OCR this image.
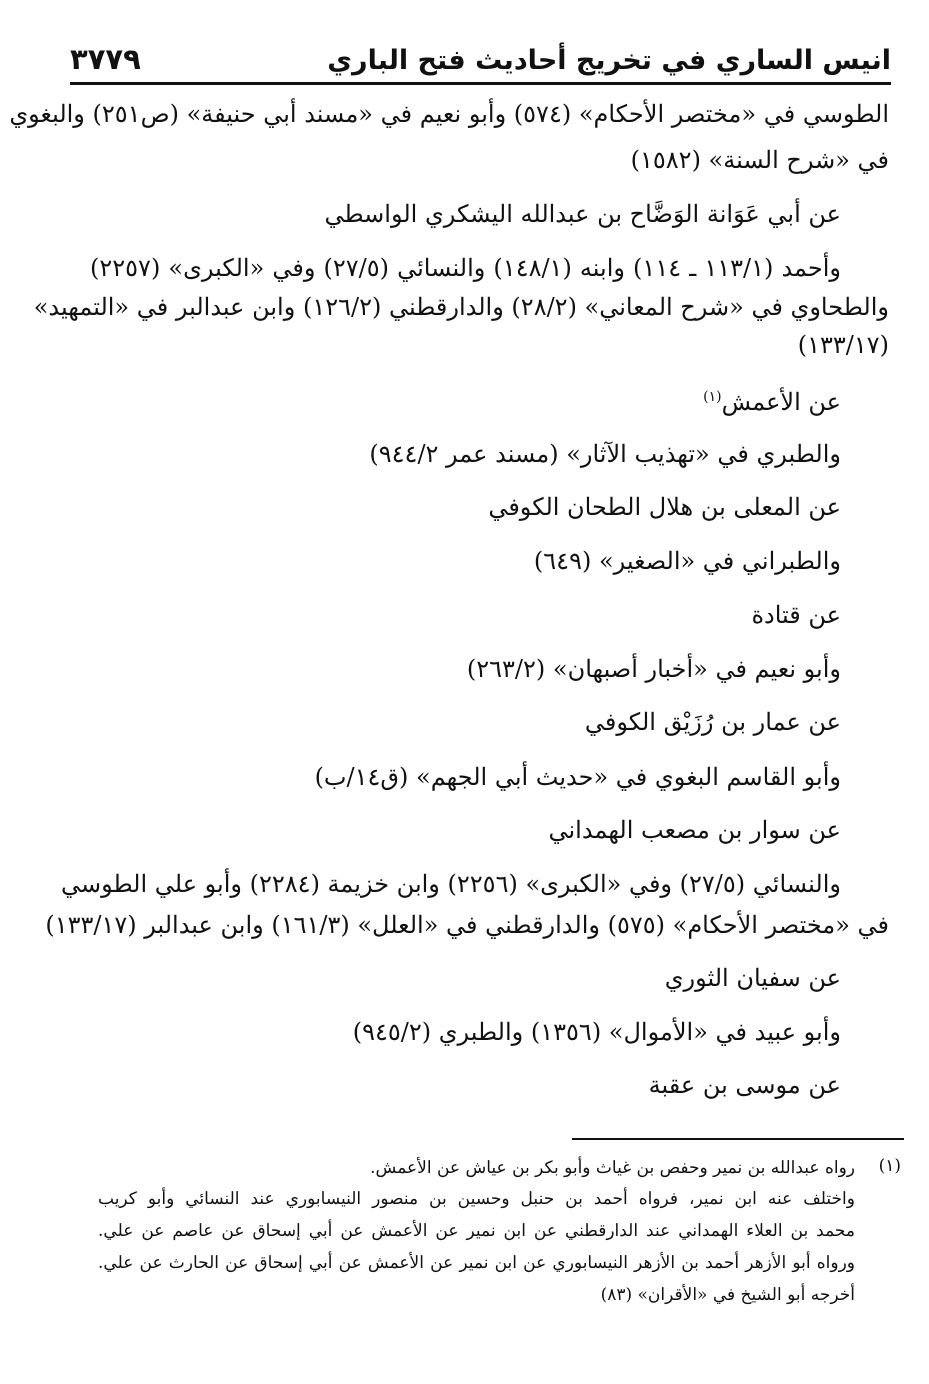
٣٧٧٩	انيس الساري في تخريج أحاديث فتح الباري
الطوسي في «مختصر الأحكام» (٥٧٤) وأبو نعيم في «مسند أبي حنيفة» (ص٢٥١) والبغوي
في «شرح السنة» (١٥٨٢)
عن أبي عَوَانة الوَضَّاح بن عبدالله اليشكري الواسطي
وأحمد (١١٣/١ ـ ١١٤) وابنه (١٤٨/١) والنسائي (٢٧/٥) وفي «الكبرى» (٢٢٥٧)
والطحاوي في «شرح المعاني» (٢٨/٢) والدارقطني (١٢٦/٢) وابن عبدالبر في «التمهيد»
(١٣٣/١٧)
عن الأعمش$^{(١)}$
والطبري في «تهذيب الآثار» (مسند عمر ٩٤٤/٢)
عن المعلى بن هلال الطحان الكوفي
والطبراني في «الصغير» (٦٤٩)
عن قتادة
وأبو نعيم في «أخبار أصبهان» (٢٦٣/٢)
عن عمار بن رُزَيْق الكوفي
وأبو القاسم البغوي في «حديث أبي الجهم» (ق١٤/ب)
عن سوار بن مصعب الهمداني
والنسائي (٢٧/٥) وفي «الكبرى» (٢٢٥٦) وابن خزيمة (٢٢٨٤) وأبو علي الطوسي
في «مختصر الأحكام» (٥٧٥) والدارقطني في «العلل» (١٦١/٣) وابن عبدالبر (١٣٣/١٧)
عن سفيان الثوري
وأبو عبيد في «الأموال» (١٣٥٦) والطبري (٩٤٥/٢)
عن موسى بن عقبة
(١)
رواه عبدالله بن نمير وحفص بن غياث وأبو بكر بن عياش عن الأعمش.
واختلف عنه ابن نمير، فرواه أحمد بن حنبل وحسين بن منصور النيسابوري عند النسائي وأبو كريب
محمد بن العلاء الهمداني عند الدارقطني عن ابن نمير عن الأعمش عن أبي إسحاق عن عاصم عن علي.
ورواه أبو الأزهر أحمد بن الأزهر النيسابوري عن ابن نمير عن الأعمش عن أبي إسحاق عن الحارث عن علي.
أخرجه أبو الشيخ في «الأقران» (٨٣)
